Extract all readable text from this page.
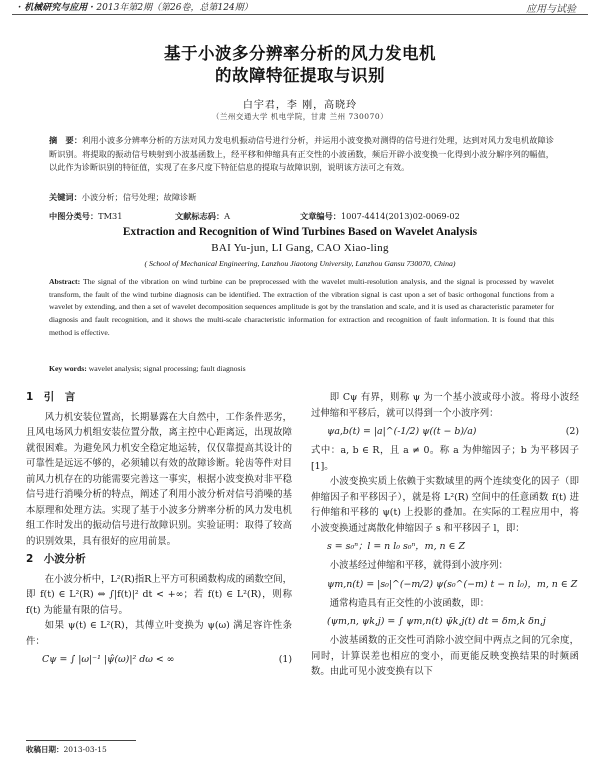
· 机械研究与应用 · 2013年第2期（第26卷，总第124期）	应用与试验
基于小波多分辨率分析的风力发电机
的故障特征提取与识别
白宇君，李 刚，高晓玲
（兰州交通大学 机电学院，甘肃 兰州 730070）
摘　要：利用小波多分辨率分析的方法对风力发电机振动信号进行分析，并运用小波变换对测得的信号进行处理，达到对风力发电机故障诊断识别。将提取的振动信号映射到小波基函数上，经平移和伸缩具有正交性的小波函数，频后开辟小波变换一化得到小波分解序列的幅值，以此作为诊断识别的特征值，实现了在多尺度下特征信息的提取与故障识别，说明该方法可之有效。
关键词：小波分析；信号处理；故障诊断
中图分类号：TM31	文献标志码：A	文章编号：1007-4414(2013)02-0069-02
Extraction and Recognition of Wind Turbines Based on Wavelet Analysis
BAI Yu-jun, LI Gang, CAO Xiao-ling
( School of Mechanical Engineering, Lanzhou Jiaotong University, Lanzhou Gansu 730070, China)
Abstract: The signal of the vibration on wind turbine can be preprocessed with the wavelet multi-resolution analysis, and the signal is processed by wavelet transform, the fault of the wind turbine diagnosis can be identified. The extraction of the vibration signal is cast upon a set of basic orthogonal functions from a wavelet by extending, and then a set of wavelet decomposition sequences amplitude is got by the translation and scale, and it is used as characteristic parameter for diagnosis and fault recognition, and it shows the multi-scale characteristic information for extraction and recognition of fault information. It is found that this method is effective.
Key words: wavelet analysis; signal processing; fault diagnosis
1　引　言

风力机安装位置高，长期暴露在大自然中，工作条件恶劣，且风电场风力机组安装位置分散，离主控中心距离远，出现故障就很困难。为避免风力机安全稳定地运转，仅仅靠提高其设计的可靠性是远远不够的，必须辅以有效的故障诊断。轮齿等件对目前风力机存在的功能需要完善这一事实，根据小波变换对非平稳信号进行消噪分析的特点，阐述了利用小波分析对信号消噪的基本原理和处理方法。实现了基于小波多分辨率分析的风力发电机组工作时发出的振动信号进行故障识别。实验证明：取得了较高的识别效果，具有很好的应用前景。

2　小波分析

在小波分析中，L²(R)指R上平方可积函数构成的函数空间，即 f(t) ∈ L²(R) ⇔ ∫|f(t)|² dt < +∞；若 f(t) ∈ L²(R)，则称 f(t) 为能量有限的信号。

如果 ψ(t) ∈ L²(R)，其傅立叶变换为 ψ(ω) 满足容许性条件：

Cψ = ∫ |ω|⁻¹ |ψ̂(ω)|² dω < ∞	(1)

即 Cψ 有界，则称 ψ 为一个基小波或母小波。将母小波经过伸缩和平移后，就可以得到一个小波序列：

ψa,b(t) = |a|^(-1/2) ψ((t − b)/a)	(2)

式中：a, b ∈ R，且 a ≠ 0。称 a 为伸缩因子；b 为平移因子[1]。

小波变换实质上依赖于实数域里的两个连续变化的因子（即伸缩因子和平移因子），就是将 L²(R) 空间中的任意函数 f(t) 进行伸缩和平移的 ψ(t) 上投影的叠加。在实际的工程应用中，将小波变换通过离散化伸缩因子 s 和平移因子 l，即：

s = s₀ⁿ；l = n l₀ s₀ⁿ，m, n ∈ Z

小波基经过伸缩和平移，就得到小波序列：

ψm,n(t) = |s₀|^(−m/2) ψ(s₀^(−m) t − n l₀)，m, n ∈ Z

通常构造具有正交性的小波函数，即：

(ψm,n, ψk,j) = ∫ ψm,n(t) ψ̄k,j(t) dt = δm,k δn,j

小波基函数的正交性可消除小波空间中两点之间的冗余度，同时，计算误差也相应的变小，而更能反映变换结果的时频函数。由此可见小波变换有以下

收稿日期：2013-03-15
